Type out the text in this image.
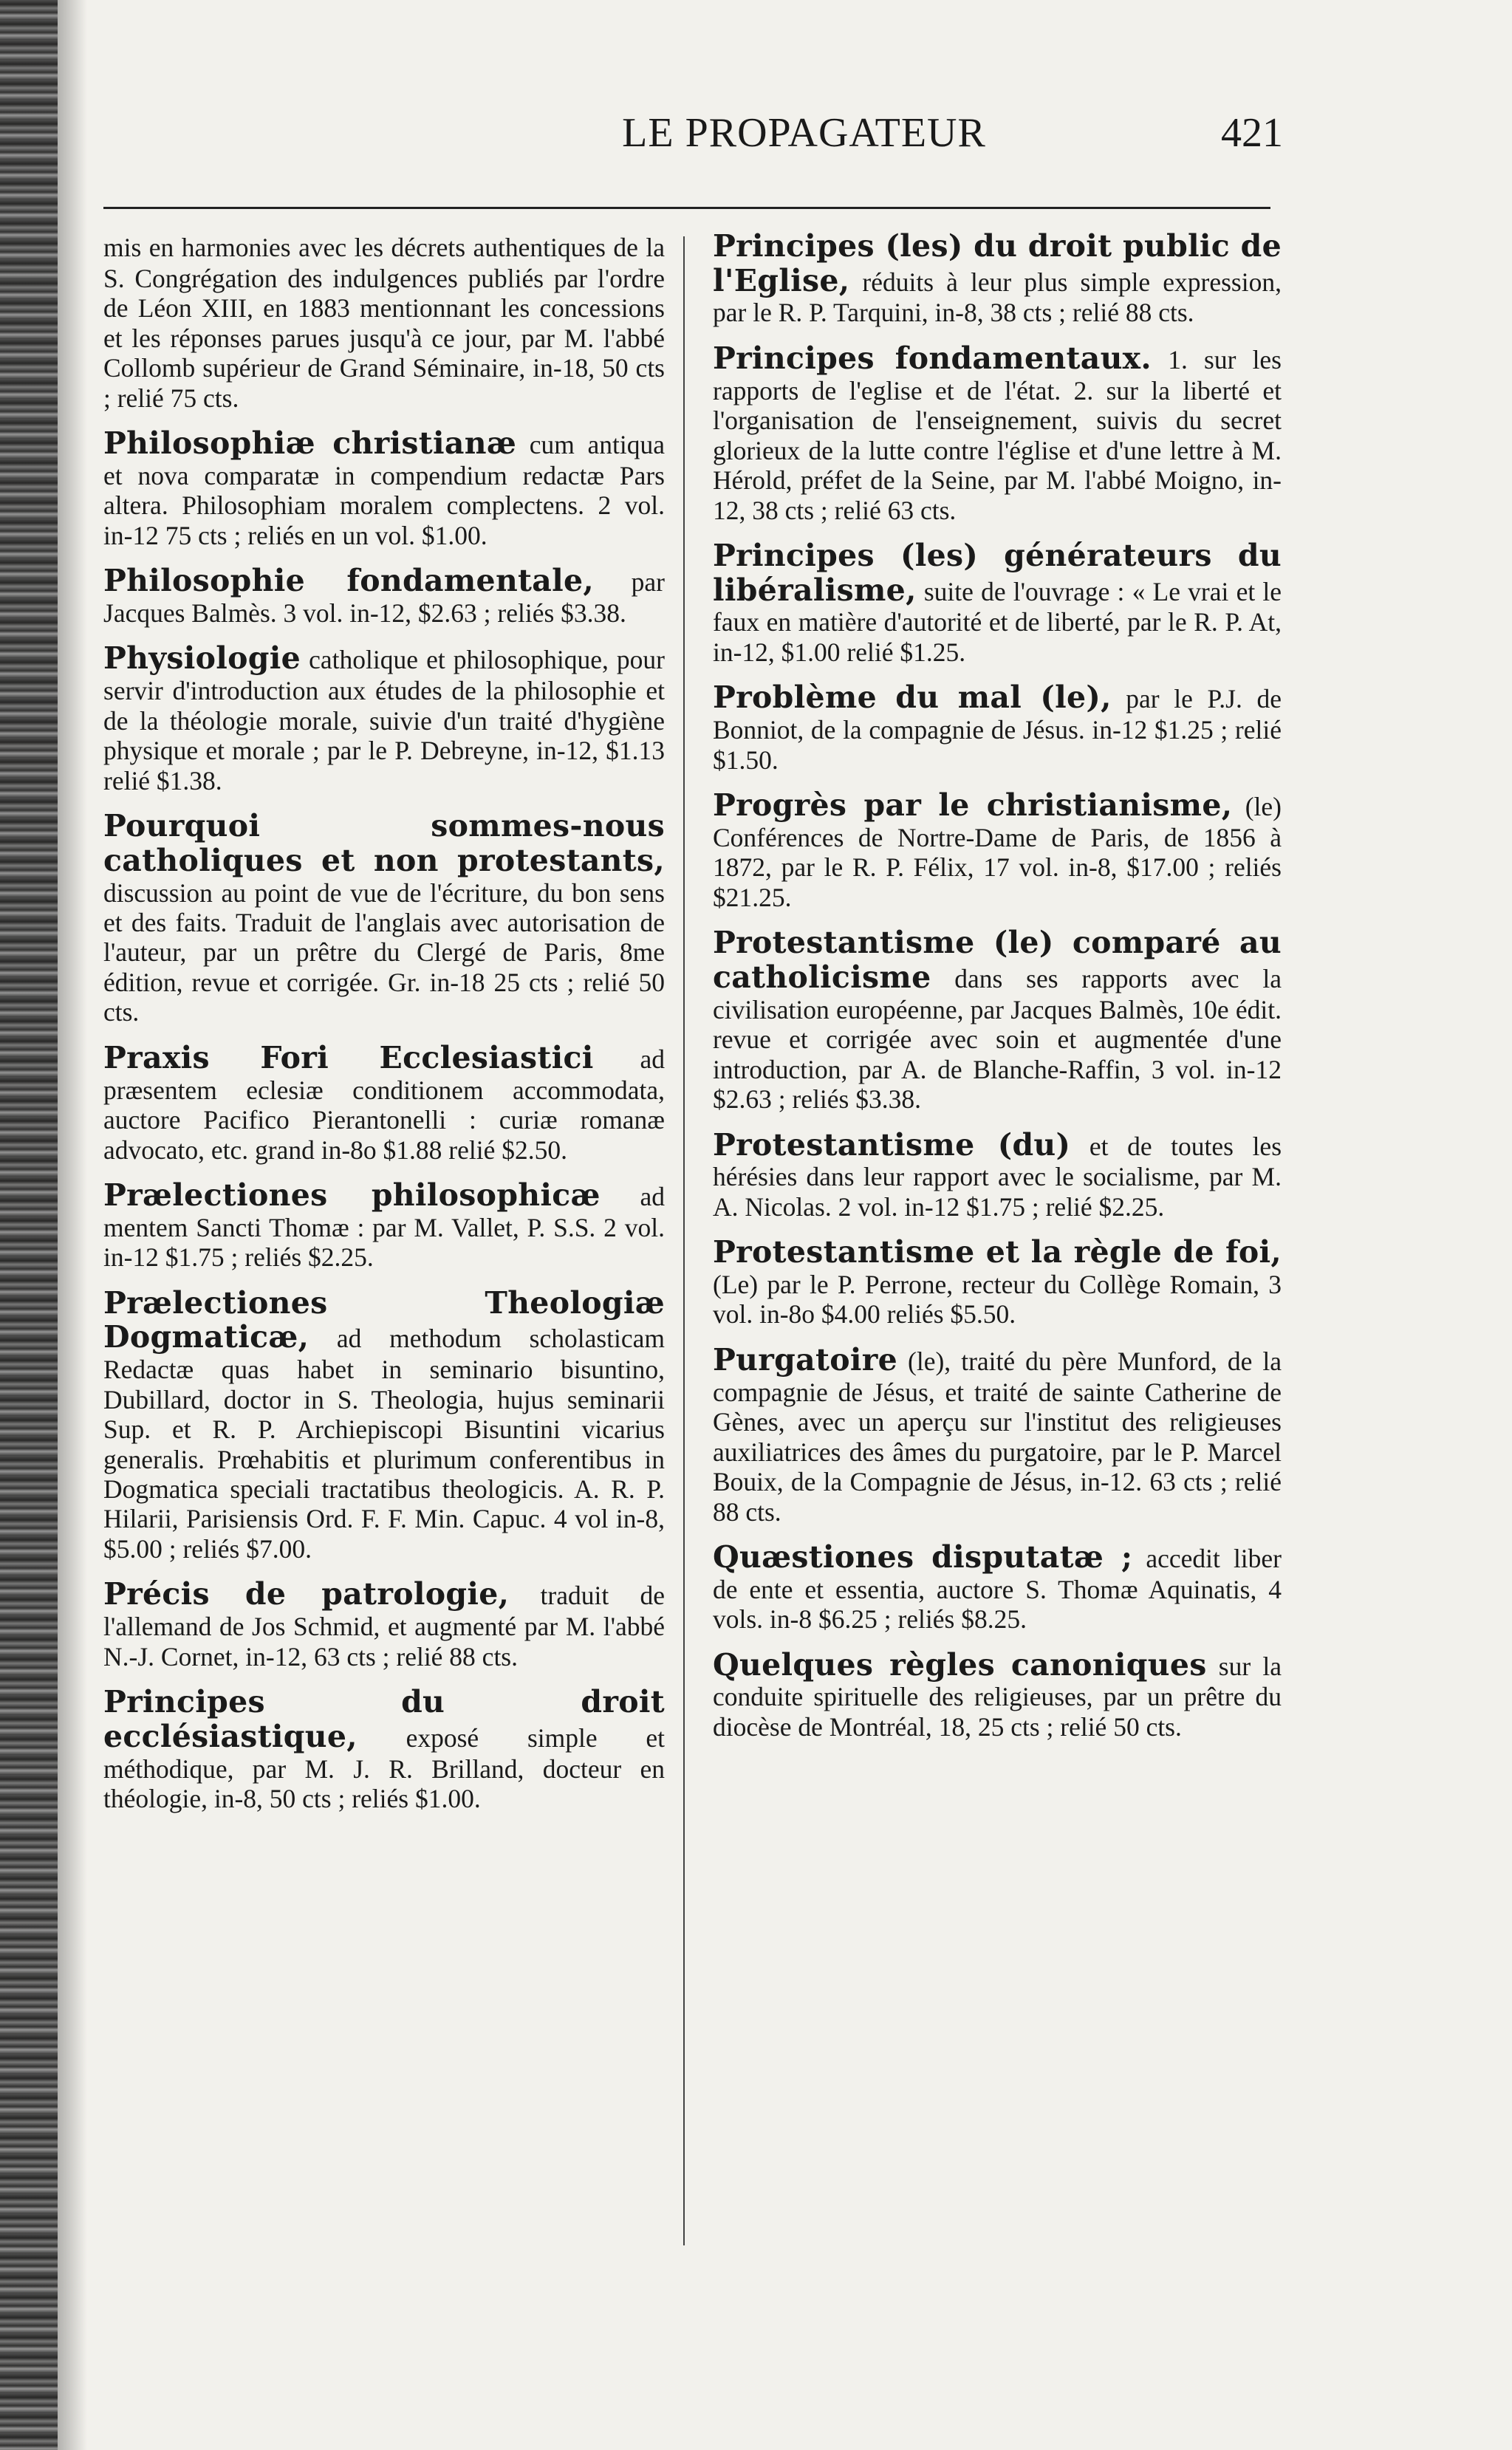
LE PROPAGATEUR	421

mis en harmonies avec les décrets authentiques de la S. Congrégation des indulgences publiés par l'ordre de Léon XIII, en 1883 mentionnant les concessions et les réponses parues jusqu'à ce jour, par M. l'abbé Collomb supérieur de Grand Séminaire, in-18, 50 cts ; relié 75 cts.

Philosophiæ christianæ cum antiqua et nova comparatæ in compendium redactæ Pars altera. Philosophiam moralem complectens. 2 vol. in-12 75 cts ; reliés en un vol. $1.00.

Philosophie fondamentale, par Jacques Balmès. 3 vol. in-12, $2.63 ; reliés $3.38.

Physiologie catholique et philosophique, pour servir d'introduction aux études de la philosophie et de la théologie morale, suivie d'un traité d'hygiène physique et morale ; par le P. Debreyne, in-12, $1.13 relié $1.38.

Pourquoi sommes-nous catholiques et non protestants, discussion au point de vue de l'écriture, du bon sens et des faits. Traduit de l'anglais avec autorisation de l'auteur, par un prêtre du Clergé de Paris, 8me édition, revue et corrigée. Gr. in-18 25 cts ; relié 50 cts.

Praxis Fori Ecclesiastici ad præsentem eclesiæ conditionem accommodata, auctore Pacifico Pierantonelli : curiæ romanæ advocato, etc. grand in-8o $1.88 relié $2.50.

Prælectiones philosophicæ ad mentem Sancti Thomæ : par M. Vallet, P. S.S. 2 vol. in-12 $1.75 ; reliés $2.25.

Prælectiones Theologiæ Dogmaticæ, ad methodum scholasticam Redactæ quas habet in seminario bisuntino, Dubillard, doctor in S. Theologia, hujus seminarii Sup. et R. P. Archiepiscopi Bisuntini vicarius generalis. Prœhabitis et plurimum conferentibus in Dogmatica speciali tractatibus theologicis. A. R. P. Hilarii, Parisiensis Ord. F. F. Min. Capuc. 4 vol in-8, $5.00 ; reliés $7.00.

Précis de patrologie, traduit de l'allemand de Jos Schmid, et augmenté par M. l'abbé N.-J. Cornet, in-12, 63 cts ; relié 88 cts.

Principes du droit ecclésiastique, exposé simple et méthodique, par M. J. R. Brilland, docteur en théologie, in-8, 50 cts ; reliés $1.00.

Principes (les) du droit public de l'Eglise, réduits à leur plus simple expression, par le R. P. Tarquini, in-8, 38 cts ; relié 88 cts.

Principes fondamentaux. 1. sur les rapports de l'eglise et de l'état. 2. sur la liberté et l'organisation de l'enseignement, suivis du secret glorieux de la lutte contre l'église et d'une lettre à M. Hérold, préfet de la Seine, par M. l'abbé Moigno, in-12, 38 cts ; relié 63 cts.

Principes (les) générateurs du libéralisme, suite de l'ouvrage : « Le vrai et le faux en matière d'autorité et de liberté, par le R. P. At, in-12, $1.00 relié $1.25.

Problème du mal (le), par le P.J. de Bonniot, de la compagnie de Jésus. in-12 $1.25 ; relié $1.50.

Progrès par le christianisme, (le) Conférences de Nortre-Dame de Paris, de 1856 à 1872, par le R. P. Félix, 17 vol. in-8, $17.00 ; reliés $21.25.

Protestantisme (le) comparé au catholicisme dans ses rapports avec la civilisation européenne, par Jacques Balmès, 10e édit. revue et corrigée avec soin et augmentée d'une introduction, par A. de Blanche-Raffin, 3 vol. in-12 $2.63 ; reliés $3.38.

Protestantisme (du) et de toutes les hérésies dans leur rapport avec le socialisme, par M. A. Nicolas. 2 vol. in-12 $1.75 ; relié $2.25.

Protestantisme et la règle de foi, (Le) par le P. Perrone, recteur du Collège Romain, 3 vol. in-8o $4.00 reliés $5.50.

Purgatoire (le), traité du père Munford, de la compagnie de Jésus, et traité de sainte Catherine de Gènes, avec un aperçu sur l'institut des religieuses auxiliatrices des âmes du purgatoire, par le P. Marcel Bouix, de la Compagnie de Jésus, in-12. 63 cts ; relié 88 cts.

Quæstiones disputatæ ; accedit liber de ente et essentia, auctore S. Thomæ Aquinatis, 4 vols. in-8 $6.25 ; reliés $8.25.

Quelques règles canoniques sur la conduite spirituelle des religieuses, par un prêtre du diocèse de Montréal, 18, 25 cts ; relié 50 cts.
